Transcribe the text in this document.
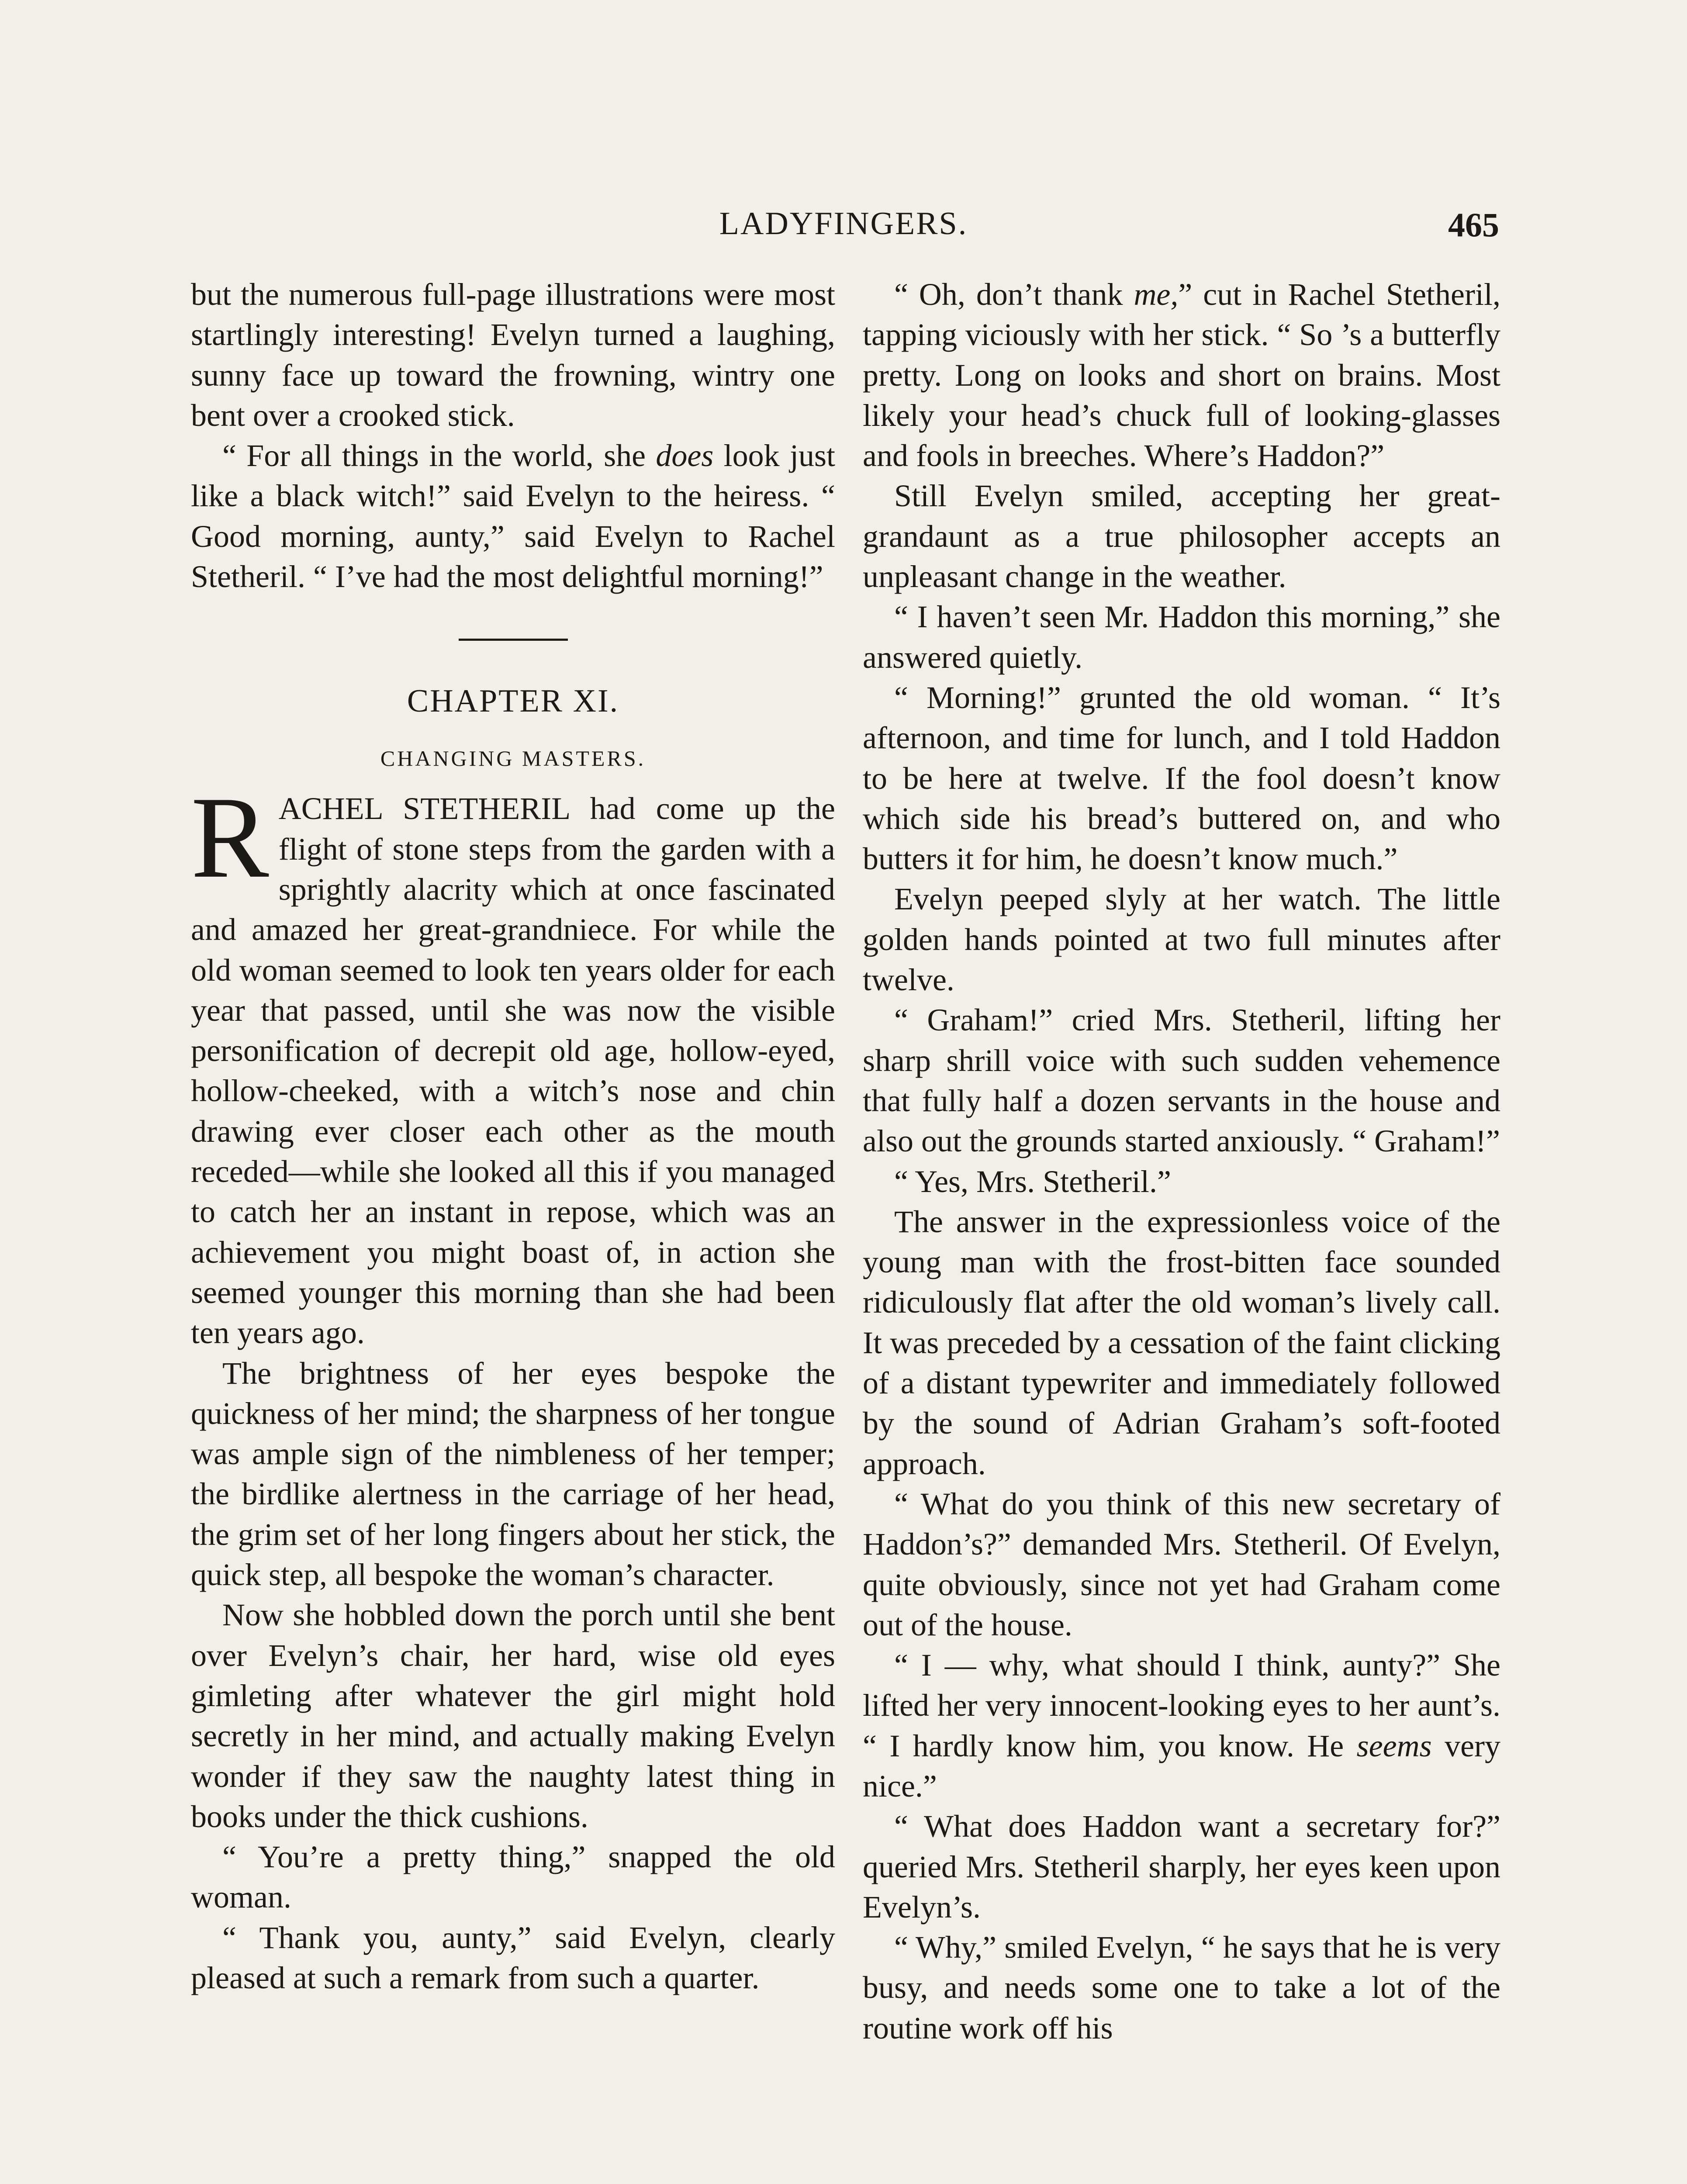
LADYFINGERS.	465

but the numerous full-page illustrations were most startlingly interesting! Evelyn turned a laughing, sunny face up toward the frowning, wintry one bent over a crooked stick.

“ For all things in the world, she does look just like a black witch!” said Evelyn to the heiress. “ Good morning, aunty,” said Evelyn to Rachel Stetheril. “ I’ve had the most delightful morning!”

CHAPTER XI.
CHANGING MASTERS.

RACHEL STETHERIL had come up the flight of stone steps from the garden with a sprightly alacrity which at once fascinated and amazed her great-grandniece. For while the old woman seemed to look ten years older for each year that passed, until she was now the visible personification of decrepit old age, hollow-eyed, hollow-cheeked, with a witch’s nose and chin drawing ever closer each other as the mouth receded—while she looked all this if you managed to catch her an instant in repose, which was an achievement you might boast of, in action she seemed younger this morning than she had been ten years ago.

The brightness of her eyes bespoke the quickness of her mind; the sharpness of her tongue was ample sign of the nimbleness of her temper; the birdlike alertness in the carriage of her head, the grim set of her long fingers about her stick, the quick step, all bespoke the woman’s character.

Now she hobbled down the porch until she bent over Evelyn’s chair, her hard, wise old eyes gimleting after whatever the girl might hold secretly in her mind, and actually making Evelyn wonder if they saw the naughty latest thing in books under the thick cushions.

“ You’re a pretty thing,” snapped the old woman.

“ Thank you, aunty,” said Evelyn, clearly pleased at such a remark from such a quarter.

“ Oh, don’t thank me,” cut in Rachel Stetheril, tapping viciously with her stick. “ So ’s a butterfly pretty. Long on looks and short on brains. Most likely your head’s chuck full of looking-glasses and fools in breeches. Where’s Haddon?”

Still Evelyn smiled, accepting her great-grandaunt as a true philosopher accepts an unpleasant change in the weather.

“ I haven’t seen Mr. Haddon this morning,” she answered quietly.

“ Morning!” grunted the old woman. “ It’s afternoon, and time for lunch, and I told Haddon to be here at twelve. If the fool doesn’t know which side his bread’s buttered on, and who butters it for him, he doesn’t know much.”

Evelyn peeped slyly at her watch. The little golden hands pointed at two full minutes after twelve.

“ Graham!” cried Mrs. Stetheril, lifting her sharp shrill voice with such sudden vehemence that fully half a dozen servants in the house and also out the grounds started anxiously. “ Graham!”

“ Yes, Mrs. Stetheril.”

The answer in the expressionless voice of the young man with the frost-bitten face sounded ridiculously flat after the old woman’s lively call. It was preceded by a cessation of the faint clicking of a distant typewriter and immediately followed by the sound of Adrian Graham’s soft-footed approach.

“ What do you think of this new secretary of Haddon’s?” demanded Mrs. Stetheril. Of Evelyn, quite obviously, since not yet had Graham come out of the house.

“ I — why, what should I think, aunty?” She lifted her very innocent-looking eyes to her aunt’s. “ I hardly know him, you know. He seems very nice.”

“ What does Haddon want a secretary for?” queried Mrs. Stetheril sharply, her eyes keen upon Evelyn’s.

“ Why,” smiled Evelyn, “ he says that he is very busy, and needs some one to take a lot of the routine work off his
